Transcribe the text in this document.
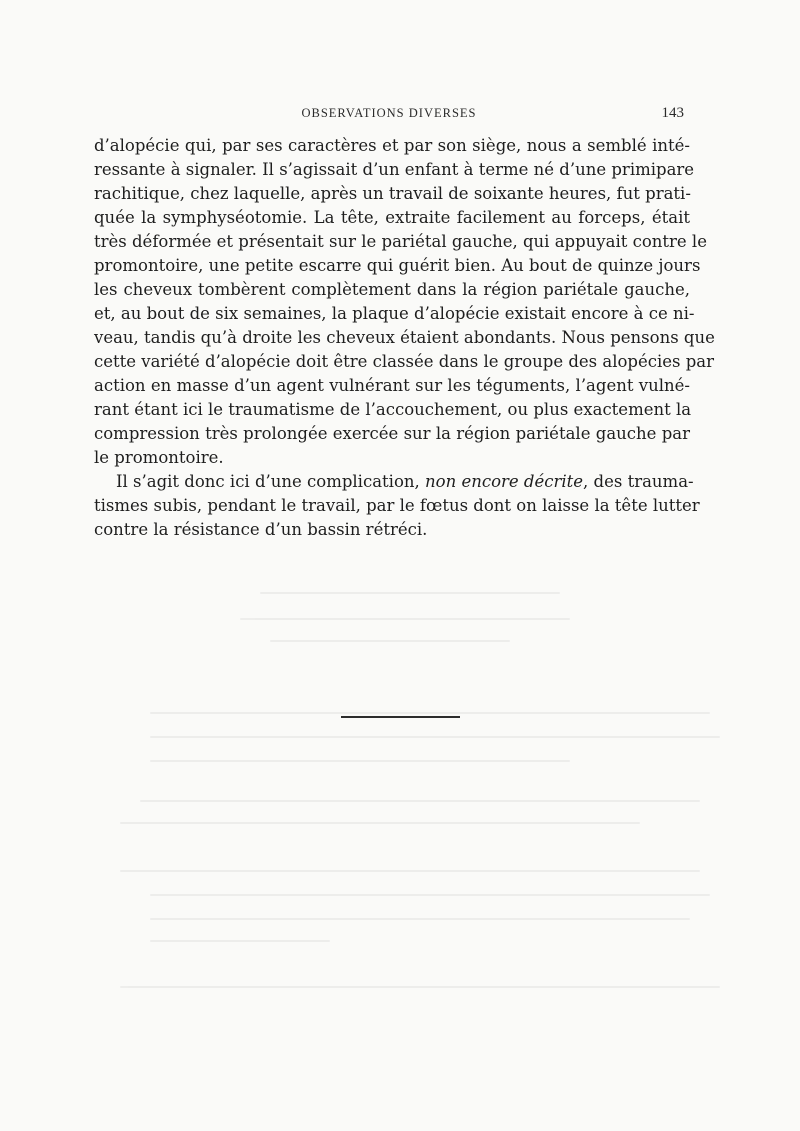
OBSERVATIONS DIVERSES	143
d’alopécie qui, par ses caractères et par son siège, nous a semblé inté-
ressante à signaler. Il s’agissait d’un enfant à terme né d’une primipare
rachitique, chez laquelle, après un travail de soixante heures, fut prati-
quée la symphyséotomie. La tête, extraite facilement au forceps, était
très déformée et présentait sur le pariétal gauche, qui appuyait contre le
promontoire, une petite escarre qui guérit bien. Au bout de quinze jours
les cheveux tombèrent complètement dans la région pariétale gauche,
et, au bout de six semaines, la plaque d’alopécie existait encore à ce ni-
veau, tandis qu’à droite les cheveux étaient abondants. Nous pensons que
cette variété d’alopécie doit être classée dans le groupe des alopécies par
action en masse d’un agent vulnérant sur les téguments, l’agent vulné-
rant étant ici le traumatisme de l’accouchement, ou plus exactement la
compression très prolongée exercée sur la région pariétale gauche par
le promontoire.
Il s’agit donc ici d’une complication, non encore décrite, des trauma-
tismes subis, pendant le travail, par le fœtus dont on laisse la tête lutter
contre la résistance d’un bassin rétréci.
